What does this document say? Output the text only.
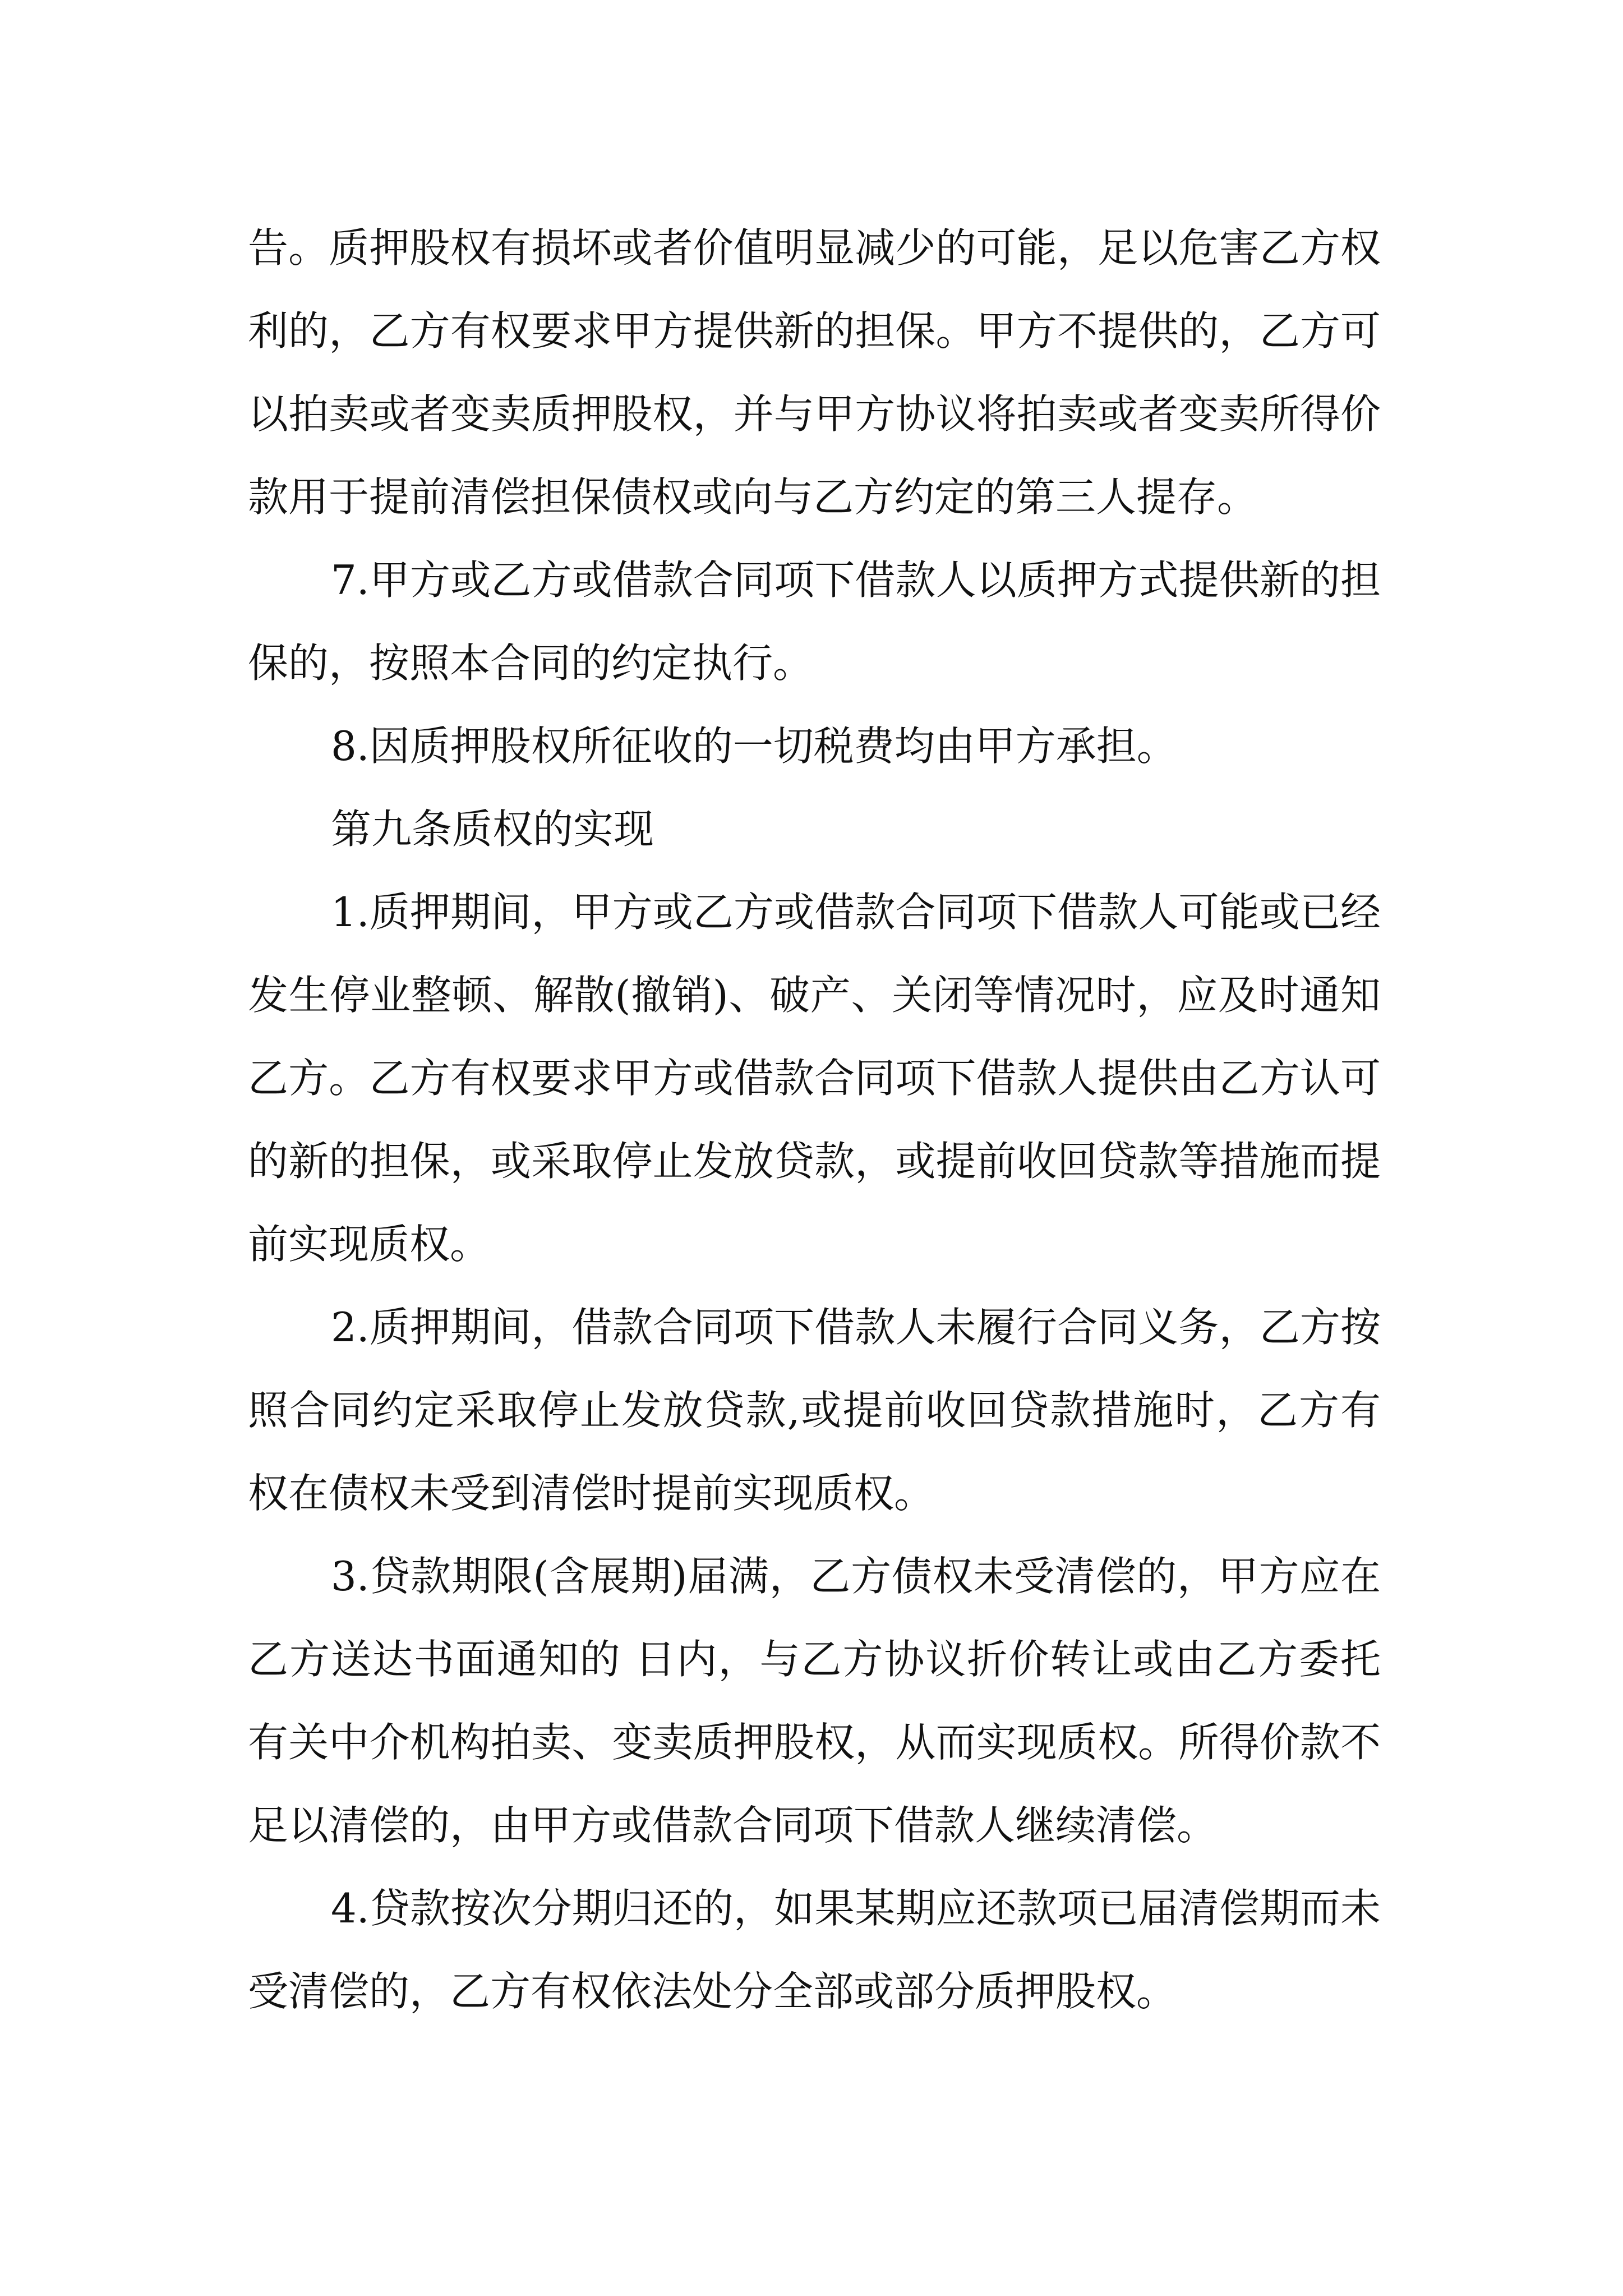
告。质押股权有损坏或者价值明显减少的可能，足以危害乙方权利的，乙方有权要求甲方提供新的担保。甲方不提供的，乙方可以拍卖或者变卖质押股权，并与甲方协议将拍卖或者变卖所得价款用于提前清偿担保债权或向与乙方约定的第三人提存。

7.甲方或乙方或借款合同项下借款人以质押方式提供新的担保的，按照本合同的约定执行。

8.因质押股权所征收的一切税费均由甲方承担。

第九条质权的实现

1.质押期间，甲方或乙方或借款合同项下借款人可能或已经发生停业整顿、解散(撤销)、破产、关闭等情况时，应及时通知乙方。乙方有权要求甲方或借款合同项下借款人提供由乙方认可的新的担保，或采取停止发放贷款，或提前收回贷款等措施而提前实现质权。

2.质押期间，借款合同项下借款人未履行合同义务，乙方按照合同约定采取停止发放贷款,或提前收回贷款措施时，乙方有权在债权未受到清偿时提前实现质权。

3.贷款期限(含展期)届满，乙方债权未受清偿的，甲方应在乙方送达书面通知的 日内，与乙方协议折价转让或由乙方委托有关中介机构拍卖、变卖质押股权，从而实现质权。所得价款不足以清偿的，由甲方或借款合同项下借款人继续清偿。

4.贷款按次分期归还的，如果某期应还款项已届清偿期而未受清偿的，乙方有权依法处分全部或部分质押股权。
